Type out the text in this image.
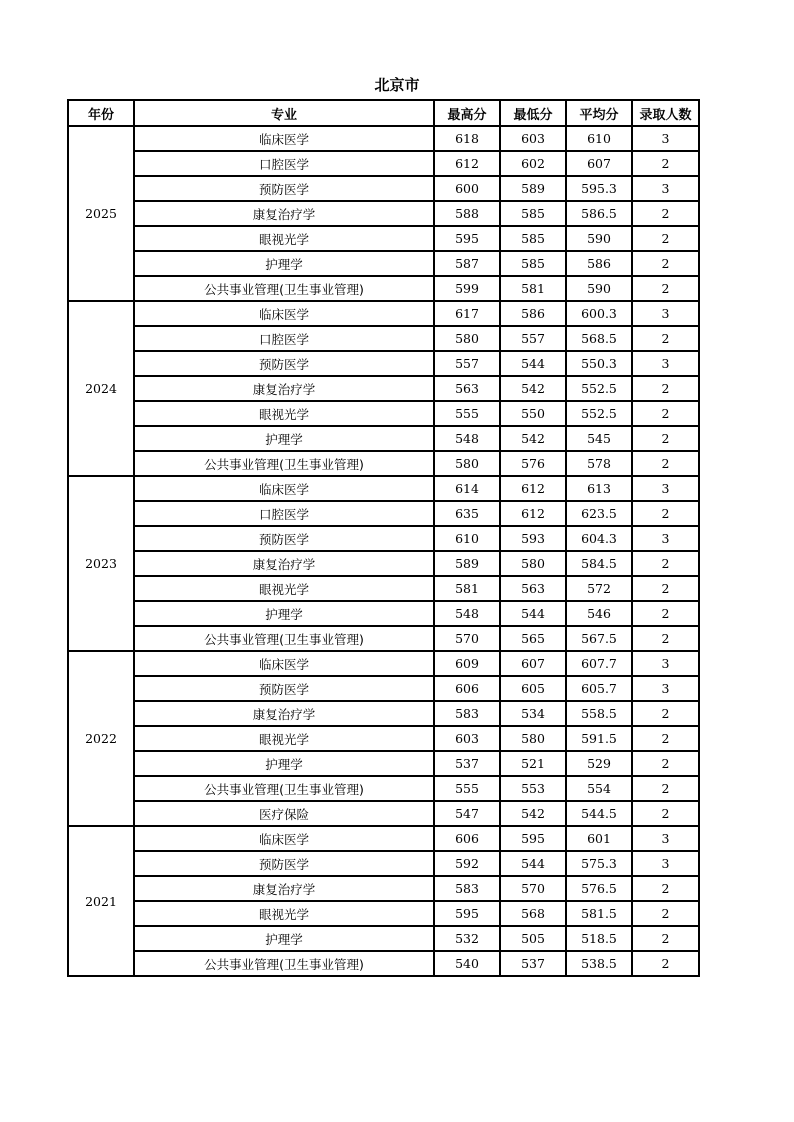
北京市
年份	专业	最高分	最低分	平均分	录取人数
2025	临床医学	618	603	610	3
	口腔医学	612	602	607	2
	预防医学	600	589	595.3	3
	康复治疗学	588	585	586.5	2
	眼视光学	595	585	590	2
	护理学	587	585	586	2
	公共事业管理(卫生事业管理)	599	581	590	2
2024	临床医学	617	586	600.3	3
	口腔医学	580	557	568.5	2
	预防医学	557	544	550.3	3
	康复治疗学	563	542	552.5	2
	眼视光学	555	550	552.5	2
	护理学	548	542	545	2
	公共事业管理(卫生事业管理)	580	576	578	2
2023	临床医学	614	612	613	3
	口腔医学	635	612	623.5	2
	预防医学	610	593	604.3	3
	康复治疗学	589	580	584.5	2
	眼视光学	581	563	572	2
	护理学	548	544	546	2
	公共事业管理(卫生事业管理)	570	565	567.5	2
2022	临床医学	609	607	607.7	3
	预防医学	606	605	605.7	3
	康复治疗学	583	534	558.5	2
	眼视光学	603	580	591.5	2
	护理学	537	521	529	2
	公共事业管理(卫生事业管理)	555	553	554	2
	医疗保险	547	542	544.5	2
2021	临床医学	606	595	601	3
	预防医学	592	544	575.3	3
	康复治疗学	583	570	576.5	2
	眼视光学	595	568	581.5	2
	护理学	532	505	518.5	2
	公共事业管理(卫生事业管理)	540	537	538.5	2
